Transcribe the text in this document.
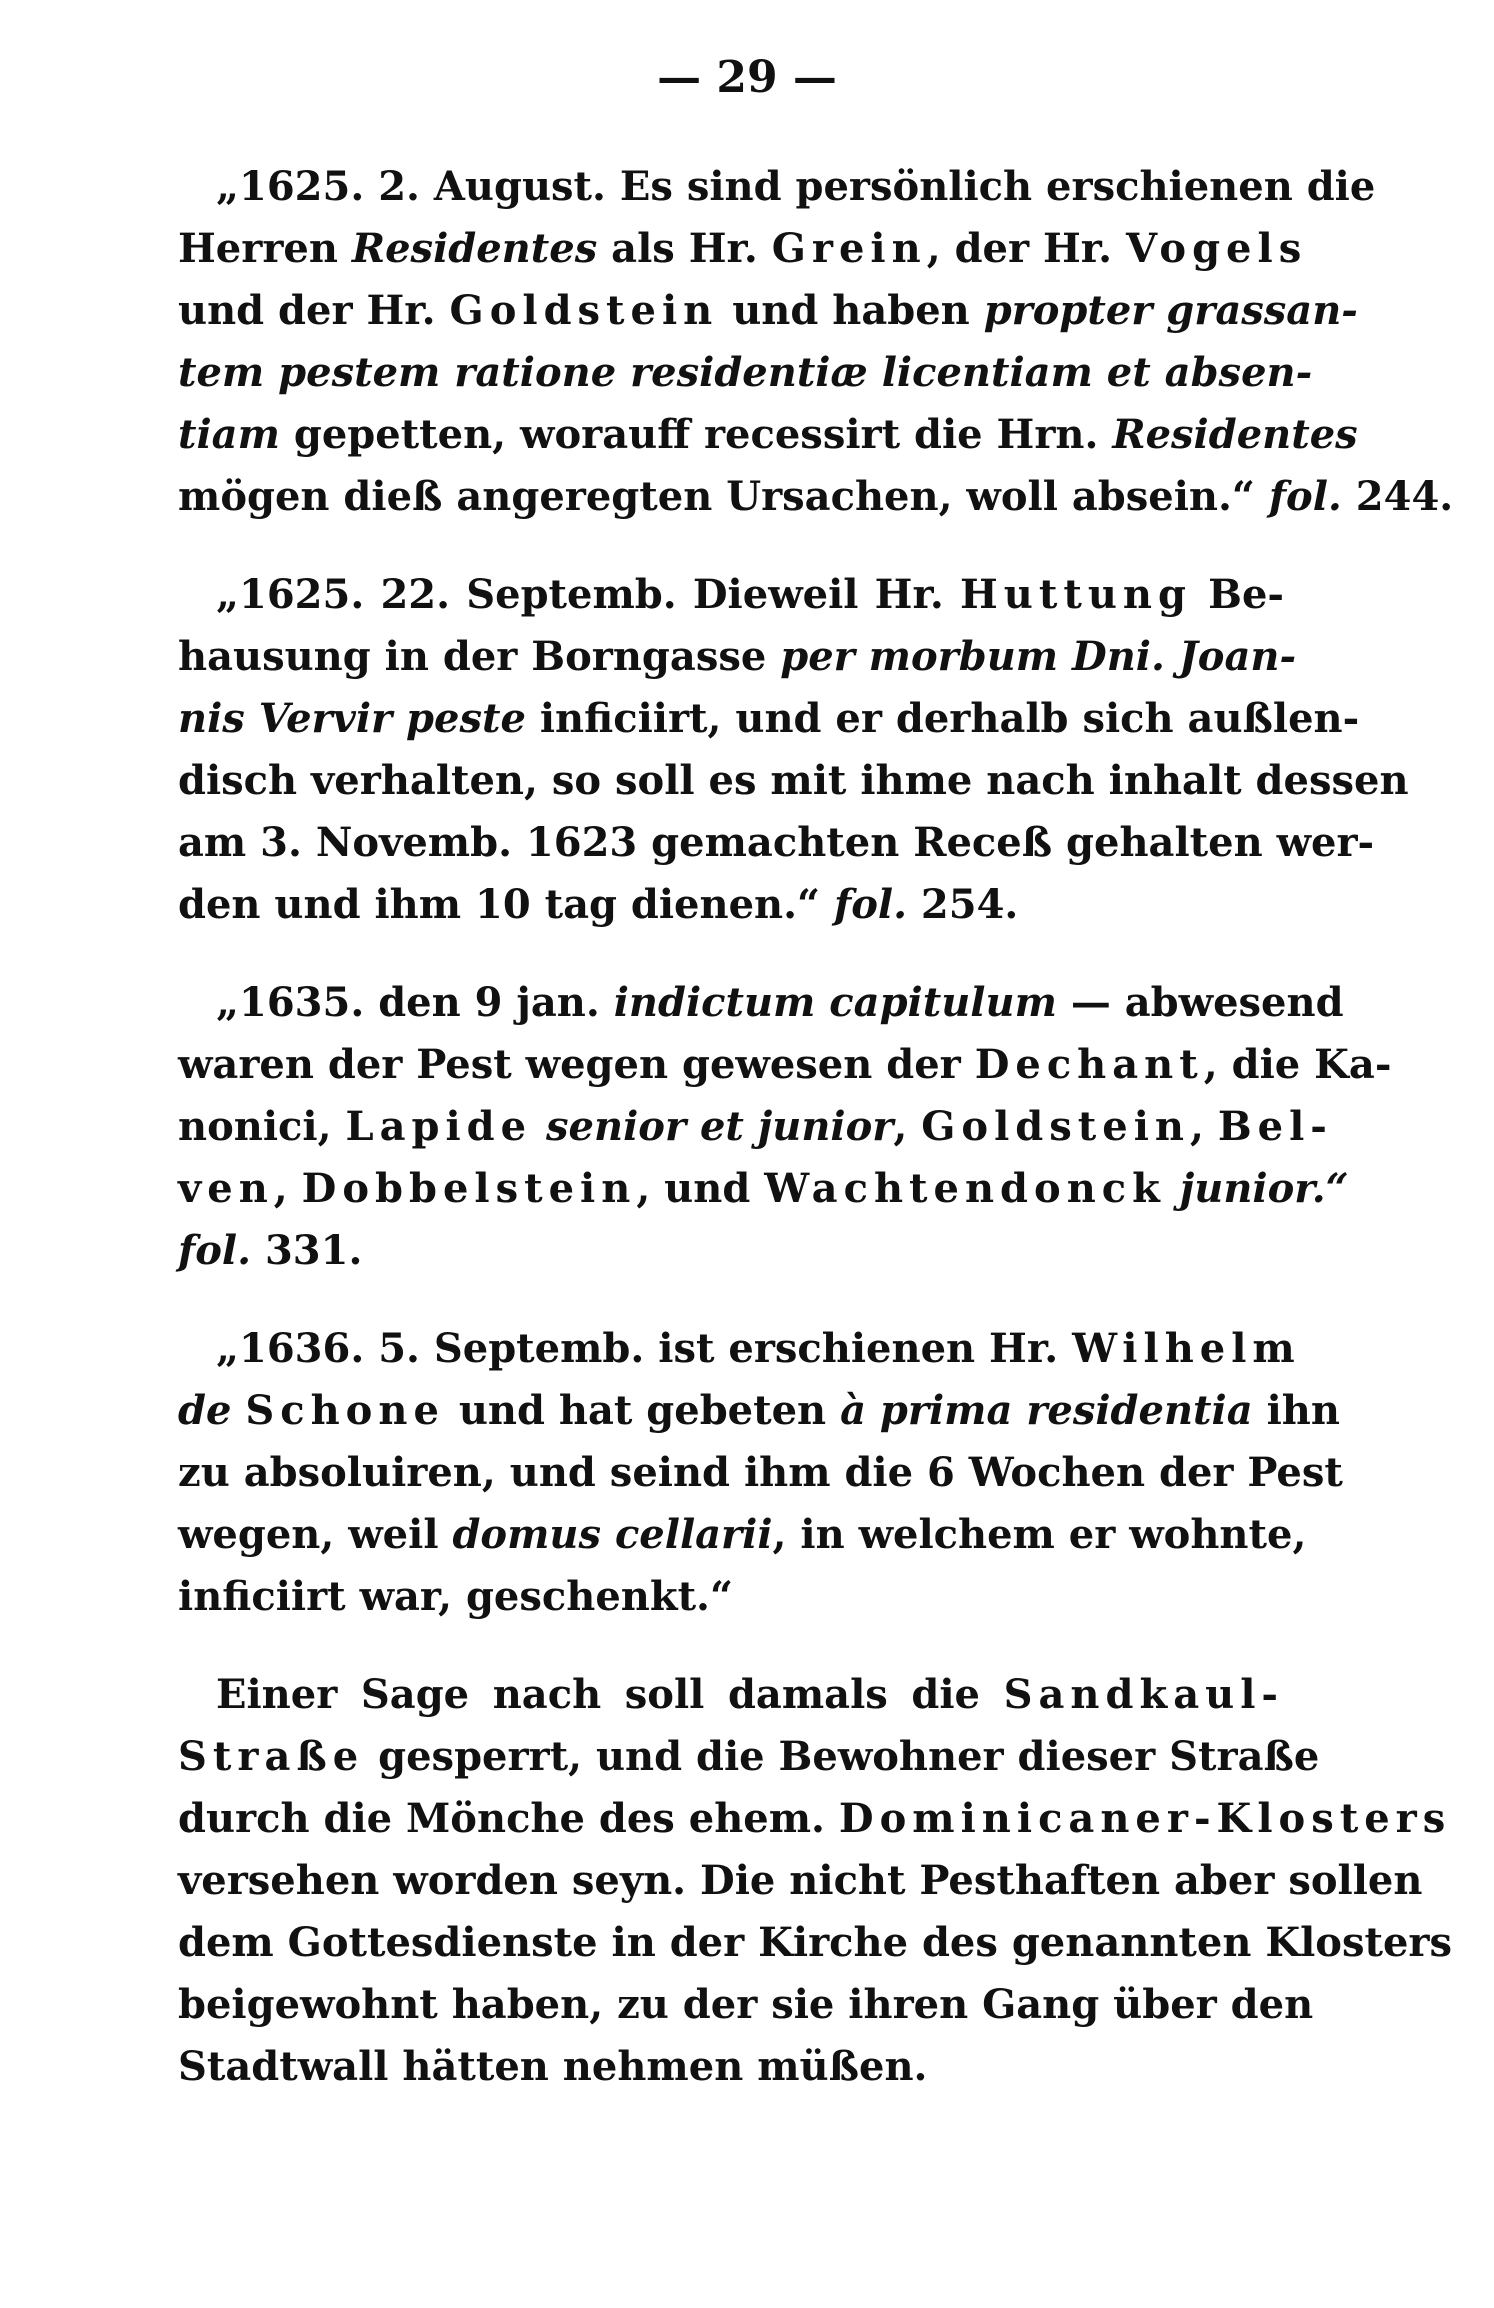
— 29 —
„1625. 2. August. Es sind persönlich erschienen die
Herren Residentes als Hr. Grein, der Hr. Vogels
und der Hr. Goldstein und haben propter grassan-
tem pestem ratione residentiæ licentiam et absen-
tiam gepetten, worauff recessirt die Hrn. Residentes
mögen dieß angeregten Ursachen, woll absein.“ fol. 244.
„1625. 22. Septemb. Dieweil Hr. Huttung Be-
hausung in der Borngasse per morbum Dni. Joan-
nis Vervir peste inficiirt, und er derhalb sich außlen-
disch verhalten, so soll es mit ihme nach inhalt dessen
am 3. Novemb. 1623 gemachten Receß gehalten wer-
den und ihm 10 tag dienen.“ fol. 254.
„1635. den 9 jan. indictum capitulum — abwesend
waren der Pest wegen gewesen der Dechant, die Ka-
nonici, Lapide senior et junior, Goldstein, Bel-
ven, Dobbelstein, und Wachtendonck junior.“
fol. 331.
„1636. 5. Septemb. ist erschienen Hr. Wilhelm
de Schone und hat gebeten à prima residentia ihn
zu absoluiren, und seind ihm die 6 Wochen der Pest
wegen, weil domus cellarii, in welchem er wohnte,
inficiirt war, geschenkt.“
Einer Sage nach soll damals die Sandkaul-
Straße gesperrt, und die Bewohner dieser Straße
durch die Mönche des ehem. Dominicaner-Klosters
versehen worden seyn. Die nicht Pesthaften aber sollen
dem Gottesdienste in der Kirche des genannten Klosters
beigewohnt haben, zu der sie ihren Gang über den
Stadtwall hätten nehmen müßen.
